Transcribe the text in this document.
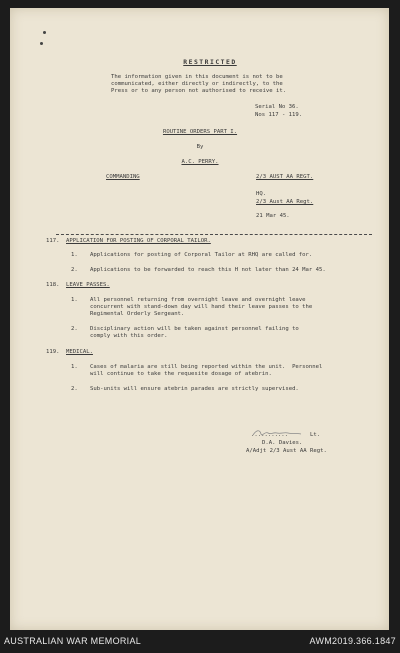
RESTRICTED
The information given in this document is not to be
communicated, either directly or indirectly, to the
Press or to any person not authorised to receive it.
Serial No 36.
Nos 117 - 119.
ROUTINE ORDERS PART I.
By
A.C. PERRY.
COMMANDING	2/3 AUST AA REGT.
HQ.
2/3 Aust AA Regt.
21 Mar 45.
117. APPLICATION FOR POSTING OF CORPORAL TAILOR.
1. Applications for posting of Corporal Tailor at RHQ are called for.
2. Applications to be forwarded to reach this H not later than 24 Mar 45.
118. LEAVE PASSES.
1. All personnel returning from overnight leave and overnight leave
concurrent with stand-down day will hand their leave passes to the
Regimental Orderly Sergeant.
2. Disciplinary action will be taken against personnel failing to
comply with this order.
119. MEDICAL.
1. Cases of malaria are still being reported within the unit.  Personnel
will continue to take the requesite dosage of atebrin.
2. Sub-units will ensure atebrin parades are strictly supervised.
...........	Lt.
D.A. Davies.
A/Adjt 2/3 Aust AA Regt.
AUSTRALIAN WAR MEMORIAL	AWM2019.366.1847
